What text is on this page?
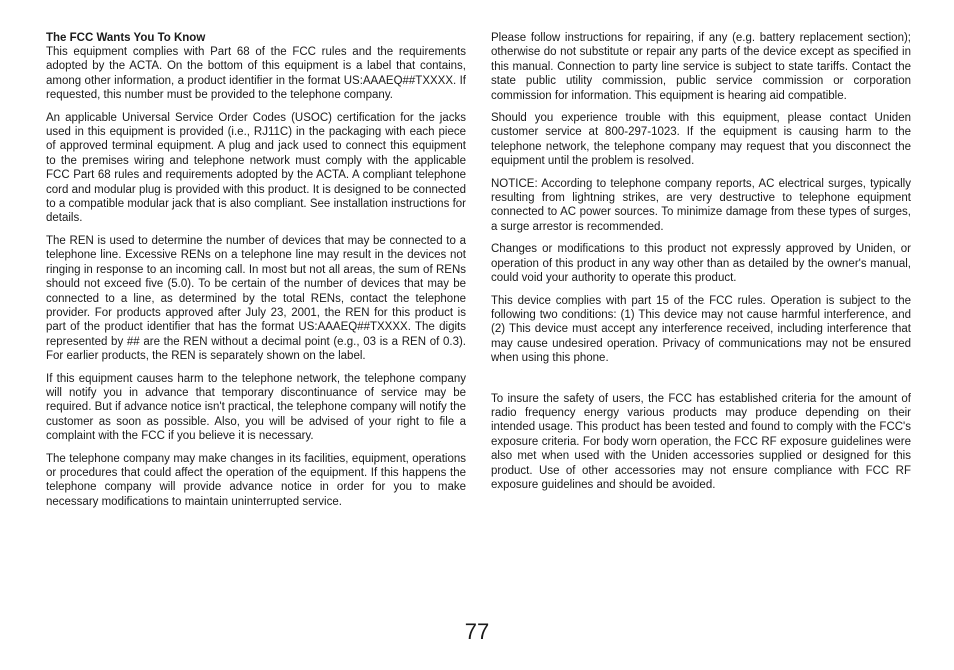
The FCC Wants You To Know

This equipment complies with Part 68 of the FCC rules and the requirements adopted by the ACTA. On the bottom of this equipment is a label that contains, among other information, a product identifier in the format US:AAAEQ##TXXXX. If requested, this number must be provided to the telephone company.

An applicable Universal Service Order Codes (USOC) certification for the jacks used in this equipment is provided (i.e., RJ11C) in the packaging with each piece of approved terminal equipment. A plug and jack used to connect this equipment to the premises wiring and telephone network must comply with the applicable FCC Part 68 rules and requirements adopted by the ACTA. A compliant telephone cord and modular plug is provided with this product. It is designed to be connected to a compatible modular jack that is also compliant. See installation instructions for details.

The REN is used to determine the number of devices that may be connected to a telephone line. Excessive RENs on a telephone line may result in the devices not ringing in response to an incoming call. In most but not all areas, the sum of RENs should not exceed five (5.0). To be certain of the number of devices that may be connected to a line, as determined by the total RENs, contact the telephone provider. For products approved after July 23, 2001, the REN for this product is part of the product identifier that has the format US:AAAEQ##TXXXX. The digits represented by ## are the REN without a decimal point (e.g., 03 is a REN of 0.3). For earlier products, the REN is separately shown on the label.

If this equipment causes harm to the telephone network, the telephone company will notify you in advance that temporary discontinuance of service may be required. But if advance notice isn't practical, the telephone company will notify the customer as soon as possible. Also, you will be advised of your right to file a complaint with the FCC if you believe it is necessary.

The telephone company may make changes in its facilities, equipment, operations or procedures that could affect the operation of the equipment. If this happens the telephone company will provide advance notice in order for you to make necessary modifications to maintain uninterrupted service.

Please follow instructions for repairing, if any (e.g. battery replacement section); otherwise do not substitute or repair any parts of the device except as specified in this manual. Connection to party line service is subject to state tariffs. Contact the state public utility commission, public service commission or corporation commission for information. This equipment is hearing aid compatible.

Should you experience trouble with this equipment, please contact Uniden customer service at 800-297-1023. If the equipment is causing harm to the telephone network, the telephone company may request that you disconnect the equipment until the problem is resolved.

NOTICE: According to telephone company reports, AC electrical surges, typically resulting from lightning strikes, are very destructive to telephone equipment connected to AC power sources. To minimize damage from these types of surges, a surge arrestor is recommended.

Changes or modifications to this product not expressly approved by Uniden, or operation of this product in any way other than as detailed by the owner's manual, could void your authority to operate this product.

This device complies with part 15 of the FCC rules. Operation is subject to the following two conditions: (1) This device may not cause harmful interference, and (2) This device must accept any interference received, including interference that may cause undesired operation. Privacy of communications may not be ensured when using this phone.

To insure the safety of users, the FCC has established criteria for the amount of radio frequency energy various products may produce depending on their intended usage. This product has been tested and found to comply with the FCC's exposure criteria. For body worn operation, the FCC RF exposure guidelines were also met when used with the Uniden accessories supplied or designed for this product. Use of other accessories may not ensure compliance with FCC RF exposure guidelines and should be avoided.

77
